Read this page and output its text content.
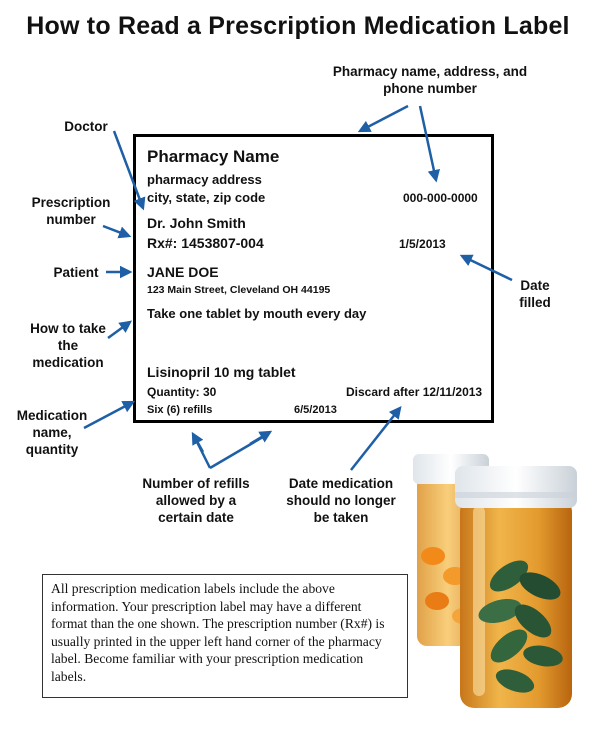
How to Read a Prescription Medication Label
Pharmacy name, address, and phone number
Doctor
Prescription number
Patient
How to take the medication
Medication name, quantity
Date filled
Number of refills allowed by a certain date
Date medication should no longer be taken
Pharmacy Name
pharmacy address
city, state, zip code	000-000-0000
Dr. John Smith
Rx#: 1453807-004	1/5/2013
JANE DOE
123 Main Street, Cleveland OH 44195
Take one tablet by mouth every day
Lisinopril 10 mg tablet
Quantity: 30	Discard after 12/11/2013
Six (6) refills	6/5/2013
All prescription medication labels include the above information. Your prescription label may have a different format than the one shown. The prescription number (Rx#) is usually printed in the upper left hand corner of the pharmacy label. Become familiar with your prescription medication labels.
